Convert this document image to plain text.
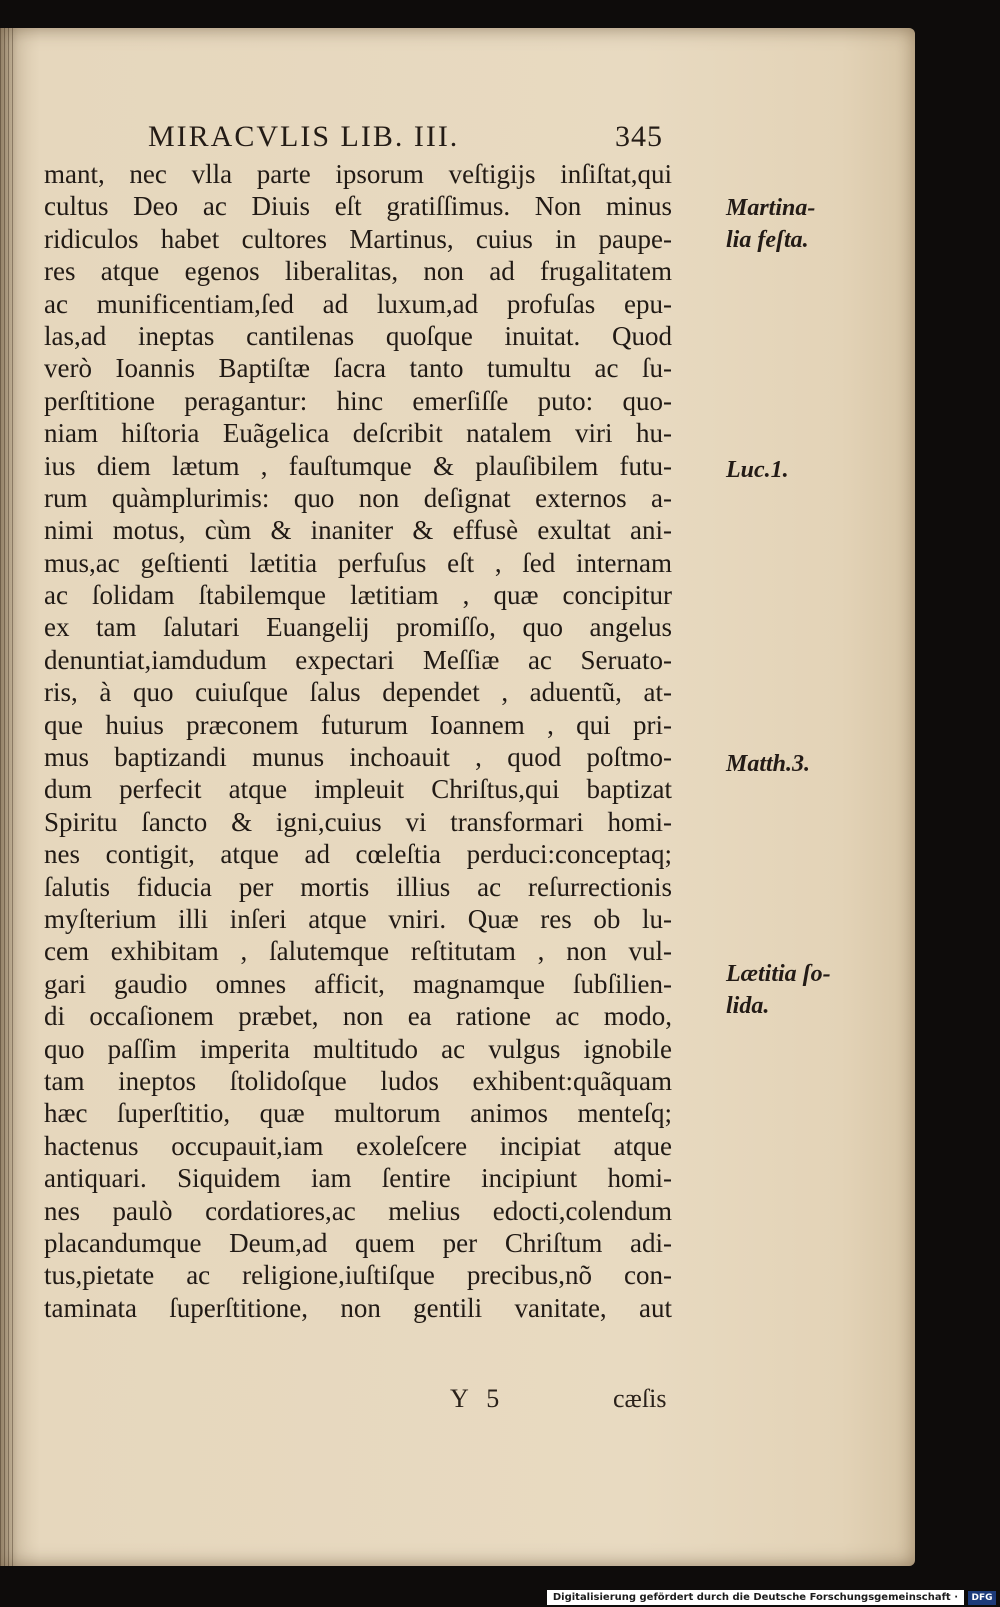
MIRACVLIS LIB. III.	345
mant, nec vlla parte ipsorum veſtigijs inſiſtat,qui
cultus Deo ac Diuis eſt gratiſſimus. Non minus
ridiculos habet cultores Martinus, cuius in paupe-
res atque egenos liberalitas, non ad frugalitatem
ac munificentiam,ſed ad luxum,ad profuſas epu-
las,ad ineptas cantilenas quoſque inuitat. Quod
verò Ioannis Baptiſtæ ſacra tanto tumultu ac ſu-
perſtitione peragantur: hinc emerſiſſe puto: quo-
niam hiſtoria Euãgelica deſcribit natalem viri hu-
ius diem lætum , fauſtumque & plauſibilem futu-
rum quàmplurimis: quo non deſignat externos a-
nimi motus, cùm & inaniter & effusè exultat ani-
mus,ac geſtienti lætitia perfuſus eſt , ſed internam
ac ſolidam ſtabilemque lætitiam , quæ concipitur
ex tam ſalutari Euangelij promiſſo, quo angelus
denuntiat,iamdudum expectari Meſſiæ ac Seruato-
ris, à quo cuiuſque ſalus dependet , aduentũ, at-
que huius præconem futurum Ioannem , qui pri-
mus baptizandi munus inchoauit , quod poſtmo-
dum perfecit atque impleuit Chriſtus,qui baptizat
Spiritu ſancto & igni,cuius vi transformari homi-
nes contigit, atque ad cœleſtia perduci:conceptaq;
ſalutis fiducia per mortis illius ac reſurrectionis
myſterium illi inſeri atque vniri. Quæ res ob lu-
cem exhibitam , ſalutemque reſtitutam , non vul-
gari gaudio omnes afficit, magnamque ſubſilien-
di occaſionem præbet, non ea ratione ac modo,
quo paſſim imperita multitudo ac vulgus ignobile
tam ineptos ſtolidoſque ludos exhibent:quãquam
hæc ſuperſtitio, quæ multorum animos menteſq;
hactenus occupauit,iam exoleſcere incipiat atque
antiquari. Siquidem iam ſentire incipiunt homi-
nes paulò cordatiores,ac melius edocti,colendum
placandumque Deum,ad quem per Chriſtum adi-
tus,pietate ac religione,iuſtiſque precibus,nõ con-
taminata ſuperſtitione, non gentili vanitate, aut
Martina-
lia feſta.
Luc.1.
Matth.3.
Lætitia ſo-
lida.
Y 5	cæſis
Digitalisierung gefördert durch die Deutsche Forschungsgemeinschaft ·	DFG
